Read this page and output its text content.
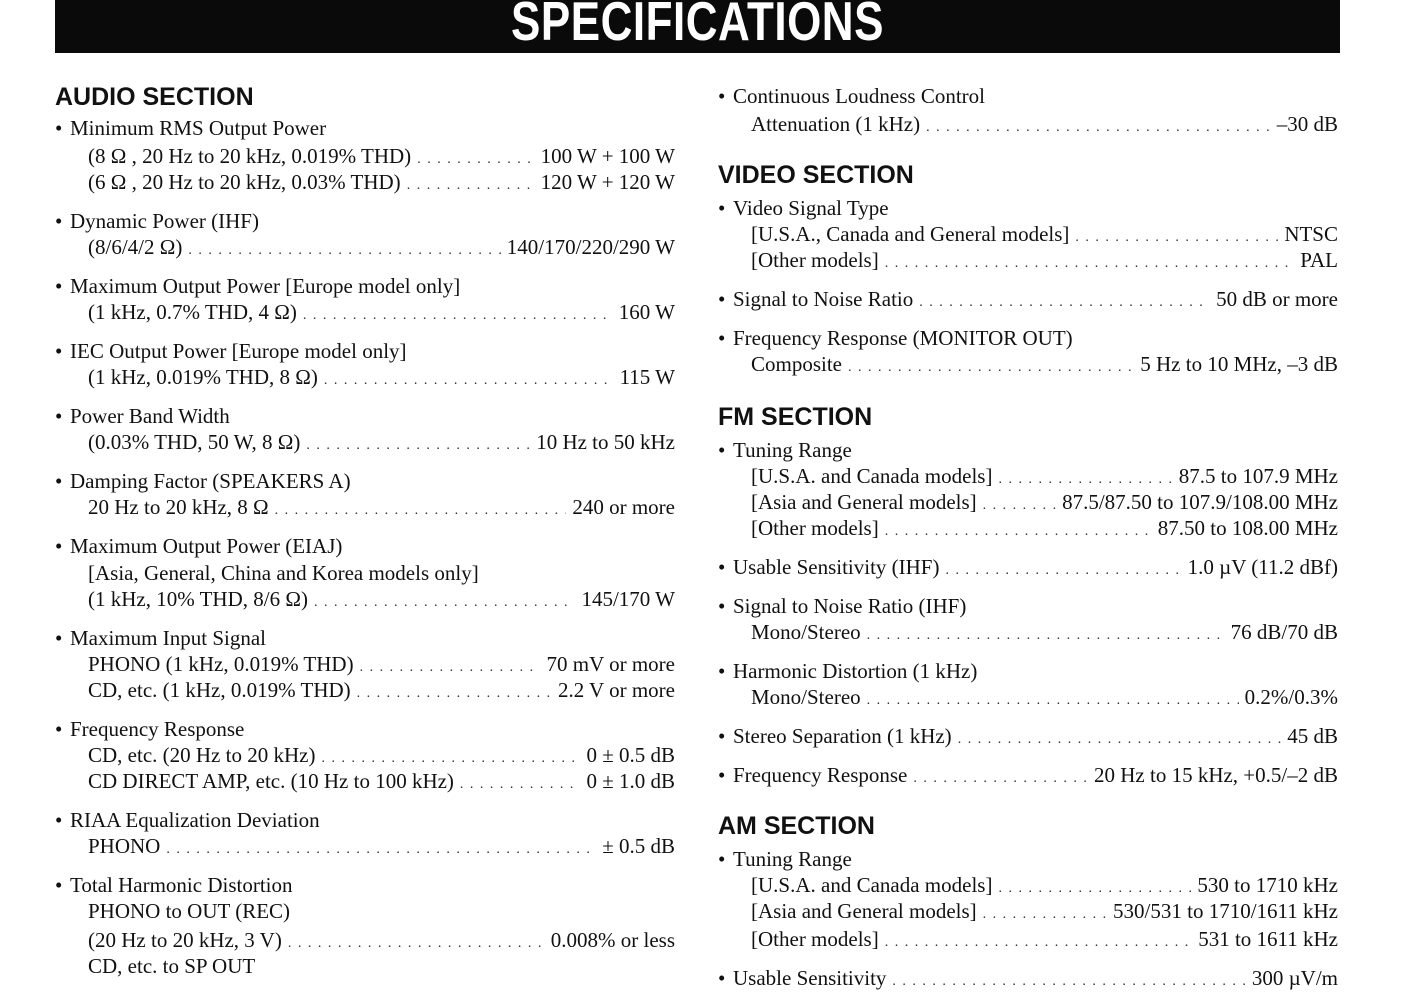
SPECIFICATIONS
AUDIO SECTION
• Minimum RMS Output Power
(8 Ω , 20 Hz to 20 kHz, 0.019% THD) . . .	100 W + 100 W
(6 Ω , 20 Hz to 20 kHz, 0.03% THD) . . .	120 W + 120 W
• Dynamic Power (IHF)
(8/6/4/2 Ω) . . .	140/170/220/290 W
• Maximum Output Power [Europe model only]
(1 kHz, 0.7% THD, 4 Ω) . . .	160 W
• IEC Output Power [Europe model only]
(1 kHz, 0.019% THD, 8 Ω) . . .	115 W
• Power Band Width
(0.03% THD, 50 W, 8 Ω) . . .	10 Hz to 50 kHz
• Damping Factor (SPEAKERS A)
20 Hz to 20 kHz, 8 Ω . . .	240 or more
• Maximum Output Power (EIAJ)
[Asia, General, China and Korea models only]
(1 kHz, 10% THD, 8/6 Ω) . . .	145/170 W
• Maximum Input Signal
PHONO (1 kHz, 0.019% THD) . . .	70 mV or more
CD, etc. (1 kHz, 0.019% THD) . . .	2.2 V or more
• Frequency Response
CD, etc. (20 Hz to 20 kHz) . . .	0 ± 0.5 dB
CD DIRECT AMP, etc. (10 Hz to 100 kHz) . . .	0 ± 1.0 dB
• RIAA Equalization Deviation
PHONO . . .	± 0.5 dB
• Total Harmonic Distortion
PHONO to OUT (REC)
(20 Hz to 20 kHz, 3 V) . . .	0.008% or less
CD, etc. to SP OUT
• Continuous Loudness Control
Attenuation (1 kHz) . . .	–30 dB
VIDEO SECTION
• Video Signal Type
[U.S.A., Canada and General models] . . .	NTSC
[Other models] . . .	PAL
• Signal to Noise Ratio . . .	50 dB or more
• Frequency Response (MONITOR OUT)
Composite . . .	5 Hz to 10 MHz, –3 dB
FM SECTION
• Tuning Range
[U.S.A. and Canada models] . . .	87.5 to 107.9 MHz
[Asia and General models] . . .	87.5/87.50 to 107.9/108.00 MHz
[Other models] . . .	87.50 to 108.00 MHz
• Usable Sensitivity (IHF) . . .	1.0 µV (11.2 dBf)
• Signal to Noise Ratio (IHF)
Mono/Stereo . . .	76 dB/70 dB
• Harmonic Distortion (1 kHz)
Mono/Stereo . . .	0.2%/0.3%
• Stereo Separation (1 kHz) . . .	45 dB
• Frequency Response . . .	20 Hz to 15 kHz, +0.5/–2 dB
AM SECTION
• Tuning Range
[U.S.A. and Canada models] . . .	530 to 1710 kHz
[Asia and General models] . . .	530/531 to 1710/1611 kHz
[Other models] . . .	531 to 1611 kHz
• Usable Sensitivity . . .	300 µV/m
